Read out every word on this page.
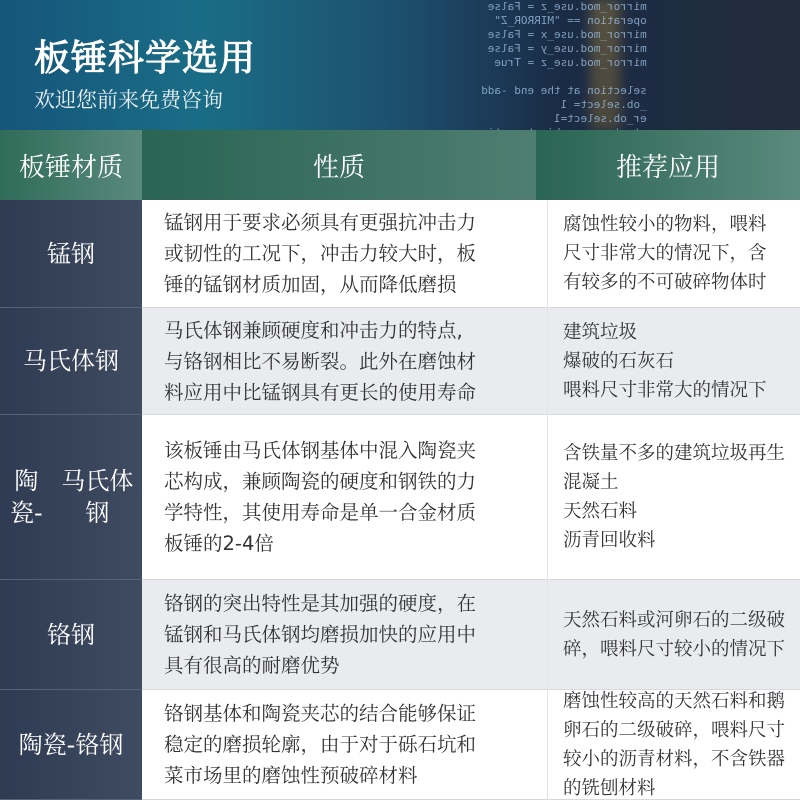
mirror_mod.use_z = False
operation == "MIRROR_Z"
mirror_mod.use_x = False
mirror_mod.use_y = False
mirror_mod.use_z = True

selection at the end -add
_ob.select= 1
er_ob.select=1

板锤科学选用
欢迎您前来免费咨询
板锤材质	性质	推荐应用
锰钢
锰钢用于要求必须具有更强抗冲击力
或韧性的工况下，冲击力较大时，板
锤的锰钢材质加固，从而降低磨损
腐蚀性较小的物料，喂料
尺寸非常大的情况下，含
有较多的不可破碎物体时
马氏体钢
马氏体钢兼顾硬度和冲击力的特点,
与铬钢相比不易断裂。此外在磨蚀材
料应用中比锰钢具有更长的使用寿命
建筑垃圾
爆破的石灰石
喂料尺寸非常大的情况下
陶瓷-
马氏体钢
该板锤由马氏体钢基体中混入陶瓷夹
芯构成，兼顾陶瓷的硬度和钢铁的力
学特性，其使用寿命是单一合金材质
板锤的2-4倍
含铁量不多的建筑垃圾再生
混凝土
天然石料
沥青回收料
铬钢
铬钢的突出特性是其加强的硬度，在
锰钢和马氏体钢均磨损加快的应用中
具有很高的耐磨优势
天然石料或河卵石的二级破
碎，喂料尺寸较小的情况下
陶瓷-铬钢
铬钢基体和陶瓷夹芯的结合能够保证
稳定的磨损轮廓，由于对于砾石坑和
菜市场里的磨蚀性预破碎材料
磨蚀性较高的天然石料和鹅
卵石的二级破碎，喂料尺寸
较小的沥青材料，不含铁器
的铣刨材料
